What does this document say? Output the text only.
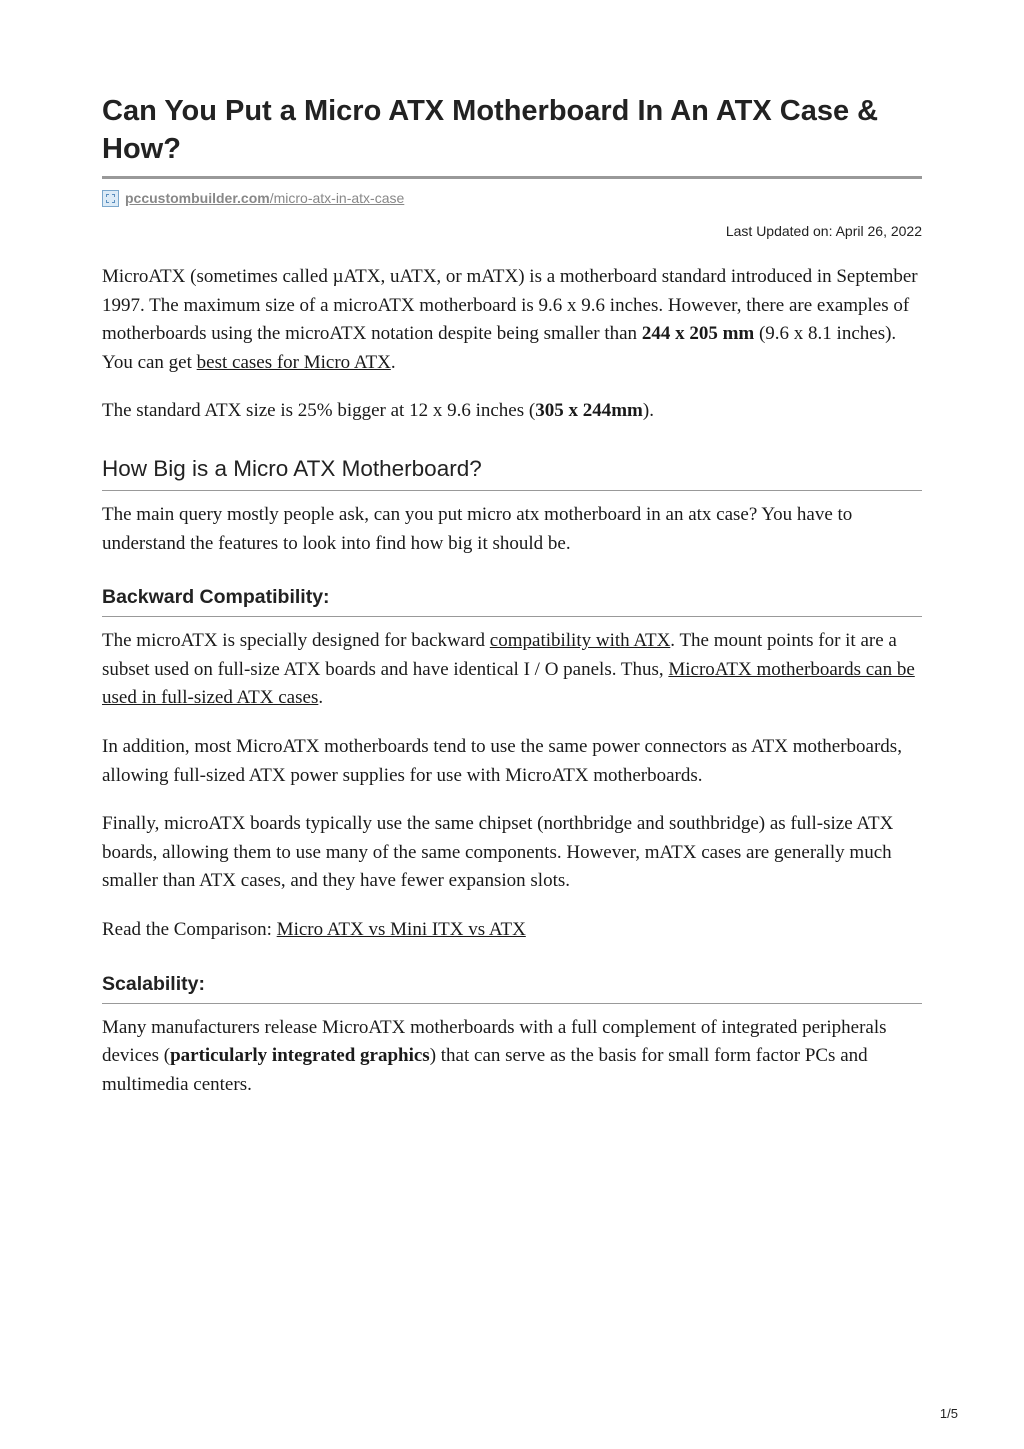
Can You Put a Micro ATX Motherboard In An ATX Case & How?
pccustombuilder.com/micro-atx-in-atx-case
Last Updated on: April 26, 2022

MicroATX (sometimes called µATX, uATX, or mATX) is a motherboard standard introduced in September 1997. The maximum size of a microATX motherboard is 9.6 x 9.6 inches. However, there are examples of motherboards using the microATX notation despite being smaller than 244 x 205 mm (9.6 x 8.1 inches). You can get best cases for Micro ATX.

The standard ATX size is 25% bigger at 12 x 9.6 inches (305 x 244mm).

How Big is a Micro ATX Motherboard?

The main query mostly people ask, can you put micro atx motherboard in an atx case? You have to understand the features to look into find how big it should be.

Backward Compatibility:

The microATX is specially designed for backward compatibility with ATX. The mount points for it are a subset used on full-size ATX boards and have identical I / O panels. Thus, MicroATX motherboards can be used in full-sized ATX cases.

In addition, most MicroATX motherboards tend to use the same power connectors as ATX motherboards, allowing full-sized ATX power supplies for use with MicroATX motherboards.

Finally, microATX boards typically use the same chipset (northbridge and southbridge) as full-size ATX boards, allowing them to use many of the same components. However, mATX cases are generally much smaller than ATX cases, and they have fewer expansion slots.

Read the Comparison: Micro ATX vs Mini ITX vs ATX

Scalability:

Many manufacturers release MicroATX motherboards with a full complement of integrated peripherals devices (particularly integrated graphics) that can serve as the basis for small form factor PCs and multimedia centers.

1/5
